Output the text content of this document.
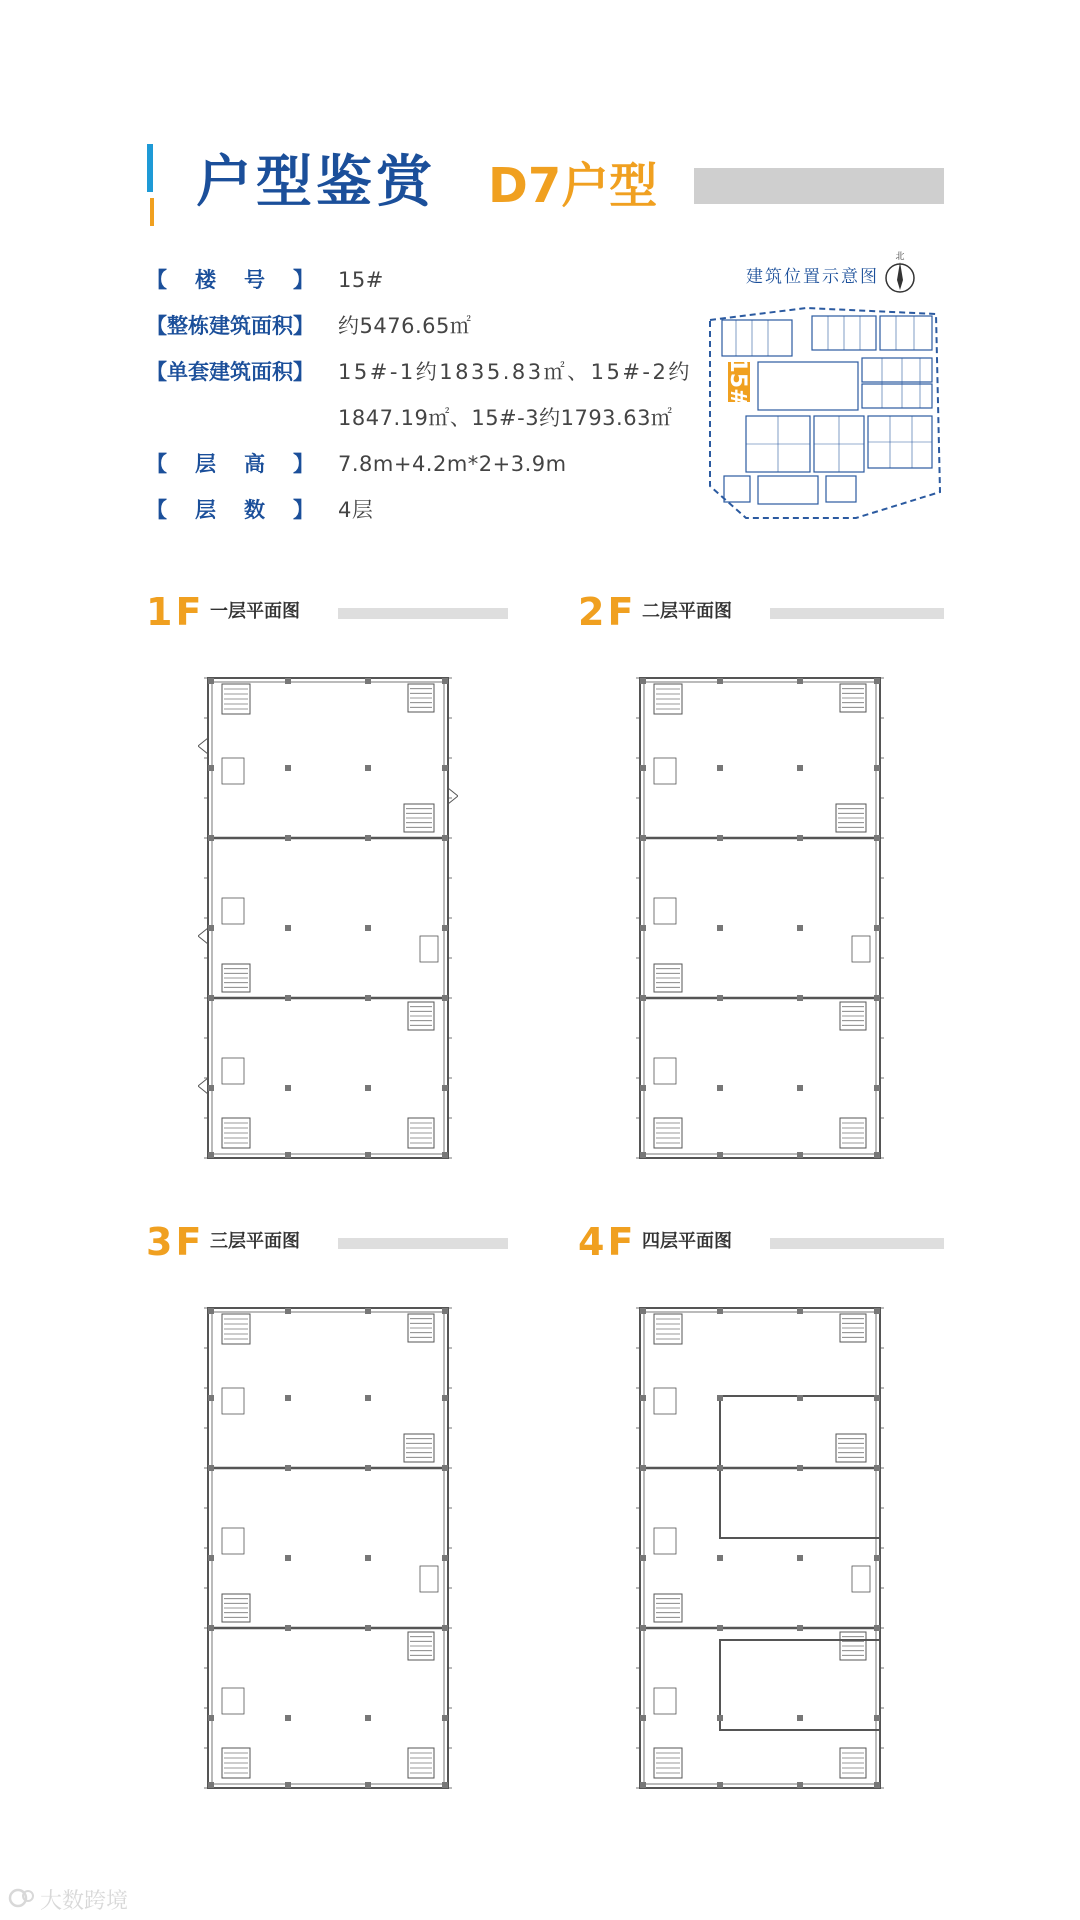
户型鉴赏 D7户型
【 楼 号 】 15#
【整栋建筑面积】 约5476.65㎡
【单套建筑面积】 15#-1约1835.83㎡、15#-2约
1847.19㎡、15#-3约1793.63㎡
【 层 高 】 7.8m+4.2m*2+3.9m
【 层 数 】 4层
建筑位置示意图
北
15#
1F 一层平面图	2F 二层平面图
3F 三层平面图	4F 四层平面图
大数跨境
